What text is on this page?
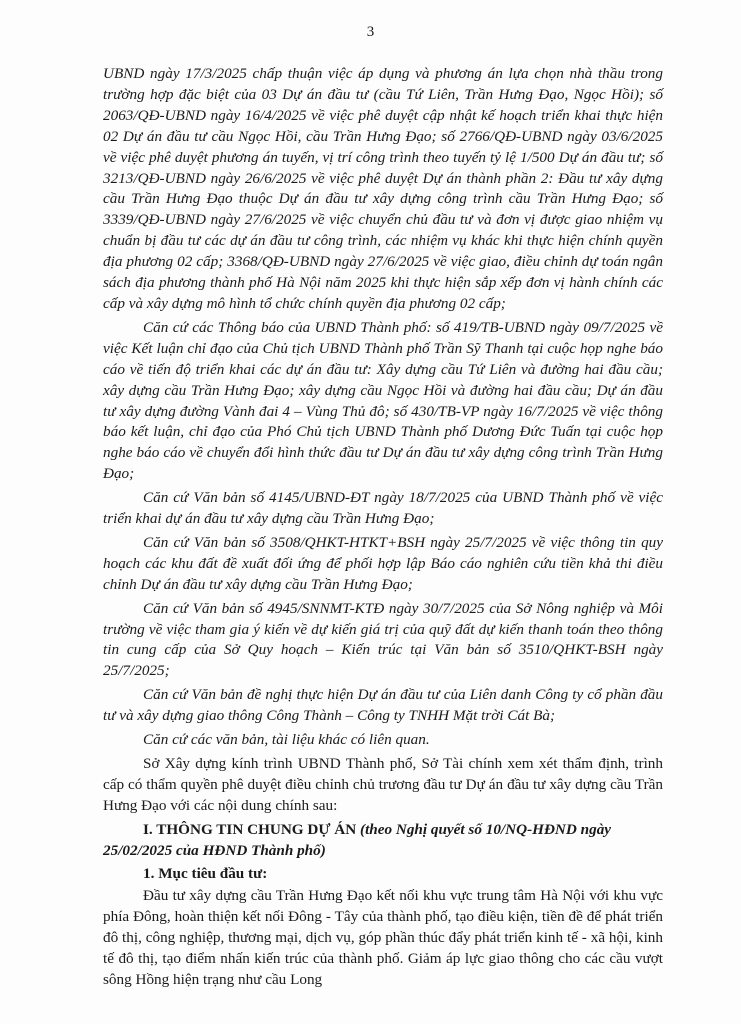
3

UBND ngày 17/3/2025 chấp thuận việc áp dụng và phương án lựa chọn nhà thầu trong trường hợp đặc biệt của 03 Dự án đầu tư (cầu Tứ Liên, Trần Hưng Đạo, Ngọc Hồi); số 2063/QĐ-UBND ngày 16/4/2025 về việc phê duyệt cập nhật kế hoạch triển khai thực hiện 02 Dự án đầu tư cầu Ngọc Hồi, cầu Trần Hưng Đạo; số 2766/QĐ-UBND ngày 03/6/2025 về việc phê duyệt phương án tuyến, vị trí công trình theo tuyến tỷ lệ 1/500 Dự án đầu tư; số 3213/QĐ-UBND ngày 26/6/2025 về việc phê duyệt Dự án thành phần 2: Đầu tư xây dựng cầu Trần Hưng Đạo thuộc Dự án đầu tư xây dựng công trình cầu Trần Hưng Đạo; số 3339/QĐ-UBND ngày 27/6/2025 về việc chuyển chủ đầu tư và đơn vị được giao nhiệm vụ chuẩn bị đầu tư các dự án đầu tư công trình, các nhiệm vụ khác khi thực hiện chính quyền địa phương 02 cấp; 3368/QĐ-UBND ngày 27/6/2025 về việc giao, điều chỉnh dự toán ngân sách địa phương thành phố Hà Nội năm 2025 khi thực hiện sắp xếp đơn vị hành chính các cấp và xây dựng mô hình tổ chức chính quyền địa phương 02 cấp;

Căn cứ các Thông báo của UBND Thành phố: số 419/TB-UBND ngày 09/7/2025 về việc Kết luận chỉ đạo của Chủ tịch UBND Thành phố Trần Sỹ Thanh tại cuộc họp nghe báo cáo về tiến độ triển khai các dự án đầu tư: Xây dựng cầu Tứ Liên và đường hai đầu cầu; xây dựng cầu Trần Hưng Đạo; xây dựng cầu Ngọc Hồi và đường hai đầu cầu; Dự án đầu tư xây dựng đường Vành đai 4 – Vùng Thủ đô; số 430/TB-VP ngày 16/7/2025 về việc thông báo kết luận, chỉ đạo của Phó Chủ tịch UBND Thành phố Dương Đức Tuấn tại cuộc họp nghe báo cáo về chuyển đổi hình thức đầu tư Dự án đầu tư xây dựng công trình Trần Hưng Đạo;

Căn cứ Văn bản số 4145/UBND-ĐT ngày 18/7/2025 của UBND Thành phố về việc triển khai dự án đầu tư xây dựng cầu Trần Hưng Đạo;

Căn cứ Văn bản số 3508/QHKT-HTKT+BSH ngày 25/7/2025 về việc thông tin quy hoạch các khu đất đề xuất đối ứng để phối hợp lập Báo cáo nghiên cứu tiền khả thi điều chỉnh Dự án đầu tư xây dựng cầu Trần Hưng Đạo;

Căn cứ Văn bản số 4945/SNNMT-KTĐ ngày 30/7/2025 của Sở Nông nghiệp và Môi trường về việc tham gia ý kiến về dự kiến giá trị của quỹ đất dự kiến thanh toán theo thông tin cung cấp của Sở Quy hoạch – Kiến trúc tại Văn bản số 3510/QHKT-BSH ngày 25/7/2025;

Căn cứ Văn bản đề nghị thực hiện Dự án đầu tư của Liên danh Công ty cổ phần đầu tư và xây dựng giao thông Công Thành – Công ty TNHH Mặt trời Cát Bà;

Căn cứ các văn bản, tài liệu khác có liên quan.

Sở Xây dựng kính trình UBND Thành phố, Sở Tài chính xem xét thẩm định, trình cấp có thẩm quyền phê duyệt điều chỉnh chủ trương đầu tư Dự án đầu tư xây dựng cầu Trần Hưng Đạo với các nội dung chính sau:

I. THÔNG TIN CHUNG DỰ ÁN (theo Nghị quyết số 10/NQ-HĐND ngày 25/02/2025 của HĐND Thành phố)

1. Mục tiêu đầu tư:

Đầu tư xây dựng cầu Trần Hưng Đạo kết nối khu vực trung tâm Hà Nội với khu vực phía Đông, hoàn thiện kết nối Đông - Tây của thành phố, tạo điều kiện, tiền đề để phát triển đô thị, công nghiệp, thương mại, dịch vụ, góp phần thúc đẩy phát triển kinh tế - xã hội, kinh tế đô thị, tạo điểm nhấn kiến trúc của thành phố. Giảm áp lực giao thông cho các cầu vượt sông Hồng hiện trạng như cầu Long
